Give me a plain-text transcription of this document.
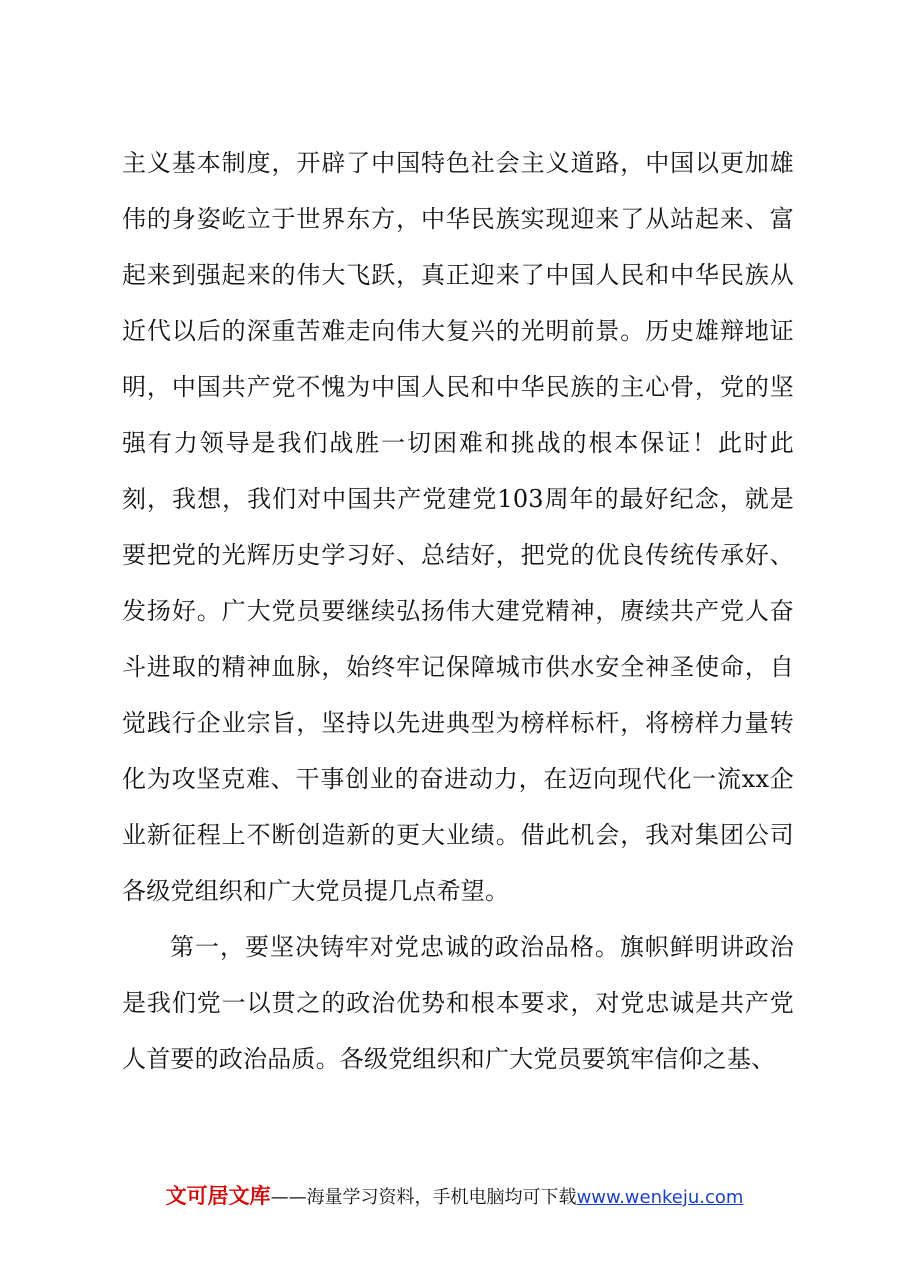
主义基本制度，开辟了中国特色社会主义道路，中国以更加雄伟的身姿屹立于世界东方，中华民族实现迎来了从站起来、富起来到强起来的伟大飞跃，真正迎来了中国人民和中华民族从近代以后的深重苦难走向伟大复兴的光明前景。历史雄辩地证明，中国共产党不愧为中国人民和中华民族的主心骨，党的坚强有力领导是我们战胜一切困难和挑战的根本保证！此时此刻，我想，我们对中国共产党建党103周年的最好纪念，就是要把党的光辉历史学习好、总结好，把党的优良传统传承好、发扬好。广大党员要继续弘扬伟大建党精神，赓续共产党人奋斗进取的精神血脉，始终牢记保障城市供水安全神圣使命，自觉践行企业宗旨，坚持以先进典型为榜样标杆，将榜样力量转化为攻坚克难、干事创业的奋进动力，在迈向现代化一流xx企业新征程上不断创造新的更大业绩。借此机会，我对集团公司各级党组织和广大党员提几点希望。

第一，要坚决铸牢对党忠诚的政治品格。旗帜鲜明讲政治是我们党一以贯之的政治优势和根本要求，对党忠诚是共产党人首要的政治品质。各级党组织和广大党员要筑牢信仰之基、

文可居文库——海量学习资料，手机电脑均可下载www.wenkeju.com
